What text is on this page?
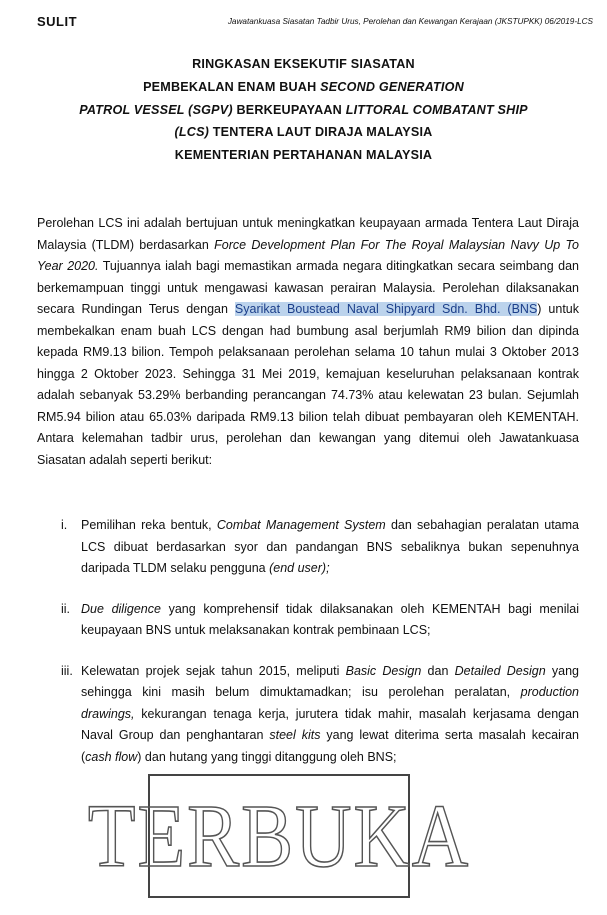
SULIT	Jawatankuasa Siasatan Tadbir Urus, Perolehan dan Kewangan Kerajaan (JKSTUPKK) 06/2019-LCS
RINGKASAN EKSEKUTIF SIASATAN
PEMBEKALAN ENAM BUAH SECOND GENERATION
PATROL VESSEL (SGPV) BERKEUPAYAAN LITTORAL COMBATANT SHIP
(LCS) TENTERA LAUT DIRAJA MALAYSIA
KEMENTERIAN PERTAHANAN MALAYSIA
Perolehan LCS ini adalah bertujuan untuk meningkatkan keupayaan armada Tentera Laut Diraja Malaysia (TLDM) berdasarkan Force Development Plan For The Royal Malaysian Navy Up To Year 2020. Tujuannya ialah bagi memastikan armada negara ditingkatkan secara seimbang dan berkemampuan tinggi untuk mengawasi kawasan perairan Malaysia. Perolehan dilaksanakan secara Rundingan Terus dengan Syarikat Boustead Naval Shipyard Sdn. Bhd. (BNS) untuk membekalkan enam buah LCS dengan had bumbung asal berjumlah RM9 bilion dan dipinda kepada RM9.13 bilion. Tempoh pelaksanaan perolehan selama 10 tahun mulai 3 Oktober 2013 hingga 2 Oktober 2023. Sehingga 31 Mei 2019, kemajuan keseluruhan pelaksanaan kontrak adalah sebanyak 53.29% berbanding perancangan 74.73% atau kelewatan 23 bulan. Sejumlah RM5.94 bilion atau 65.03% daripada RM9.13 bilion telah dibuat pembayaran oleh KEMENTAH. Antara kelemahan tadbir urus, perolehan dan kewangan yang ditemui oleh Jawatankuasa Siasatan adalah seperti berikut:
i. Pemilihan reka bentuk, Combat Management System dan sebahagian peralatan utama LCS dibuat berdasarkan syor dan pandangan BNS sebaliknya bukan sepenuhnya daripada TLDM selaku pengguna (end user);
ii. Due diligence yang komprehensif tidak dilaksanakan oleh KEMENTAH bagi menilai keupayaan BNS untuk melaksanakan kontrak pembinaan LCS;
iii. Kelewatan projek sejak tahun 2015, meliputi Basic Design dan Detailed Design yang sehingga kini masih belum dimuktamadkan; isu perolehan peralatan, production drawings, kekurangan tenaga kerja, jurutera tidak mahir, masalah kerjasama dengan Naval Group dan penghantaran steel kits yang lewat diterima serta masalah kecairan (cash flow) dan hutang yang tinggi ditanggung oleh BNS;
TERBUKA
